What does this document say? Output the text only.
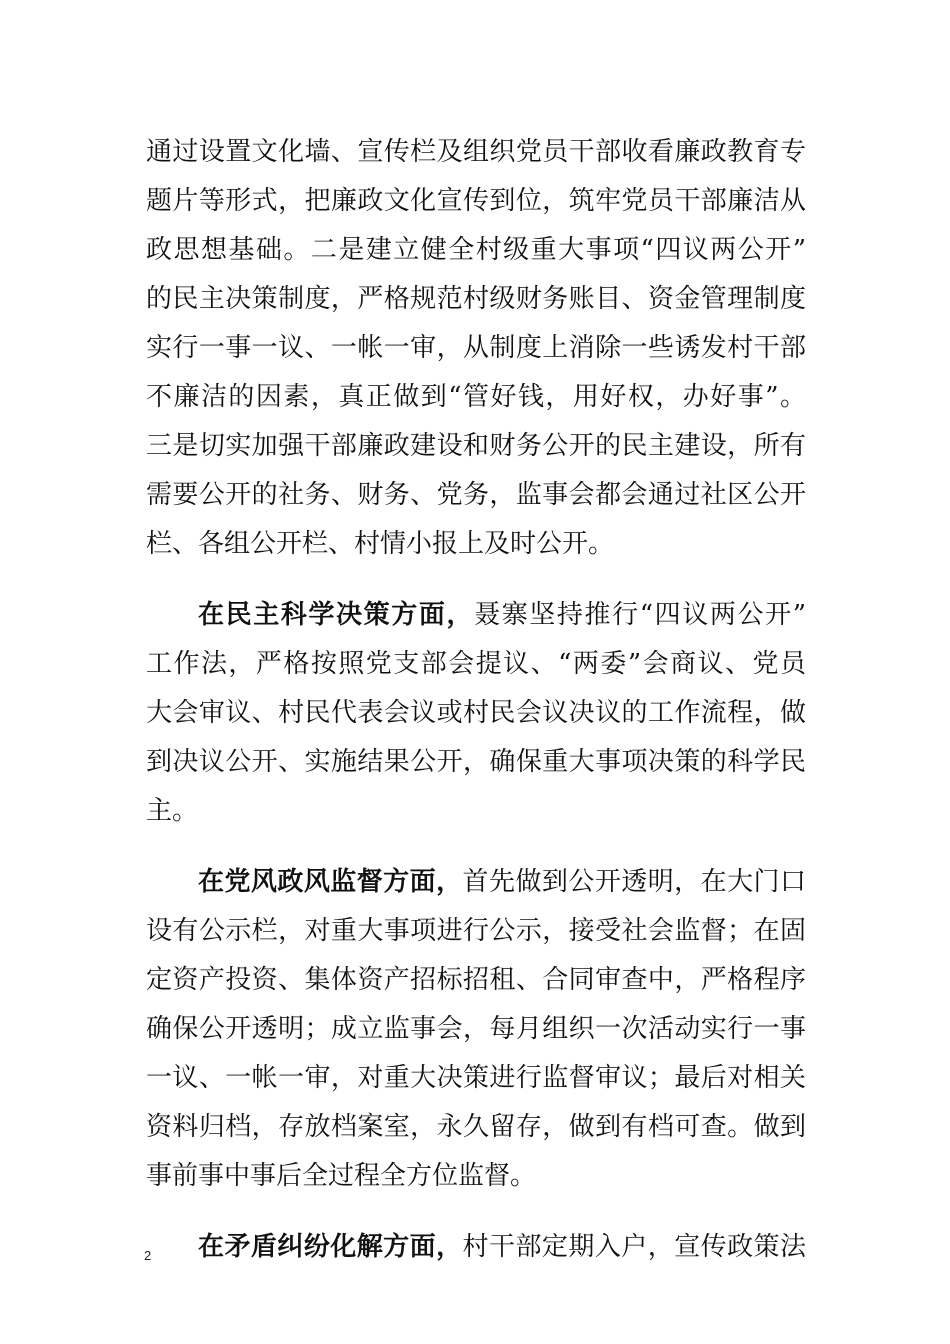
通过设置文化墙、宣传栏及组织党员干部收看廉政教育专
题片等形式，把廉政文化宣传到位，筑牢党员干部廉洁从
政思想基础。二是建立健全村级重大事项“四议两公开”
的民主决策制度，严格规范村级财务账目、资金管理制度
实行一事一议、一帐一审，从制度上消除一些诱发村干部
不廉洁的因素，真正做到“管好钱，用好权，办好事”。
三是切实加强干部廉政建设和财务公开的民主建设，所有
需要公开的社务、财务、党务，监事会都会通过社区公开
栏、各组公开栏、村情小报上及时公开。
在民主科学决策方面，聂寨坚持推行“四议两公开”
工作法，严格按照党支部会提议、“两委”会商议、党员
大会审议、村民代表会议或村民会议决议的工作流程，做
到决议公开、实施结果公开，确保重大事项决策的科学民
主。
在党风政风监督方面，首先做到公开透明，在大门口
设有公示栏，对重大事项进行公示，接受社会监督；在固
定资产投资、集体资产招标招租、合同审查中，严格程序
确保公开透明；成立监事会，每月组织一次活动实行一事
一议、一帐一审，对重大决策进行监督审议；最后对相关
资料归档，存放档案室，永久留存，做到有档可查。做到
事前事中事后全过程全方位监督。
在矛盾纠纷化解方面，村干部定期入户，宣传政策法
2
